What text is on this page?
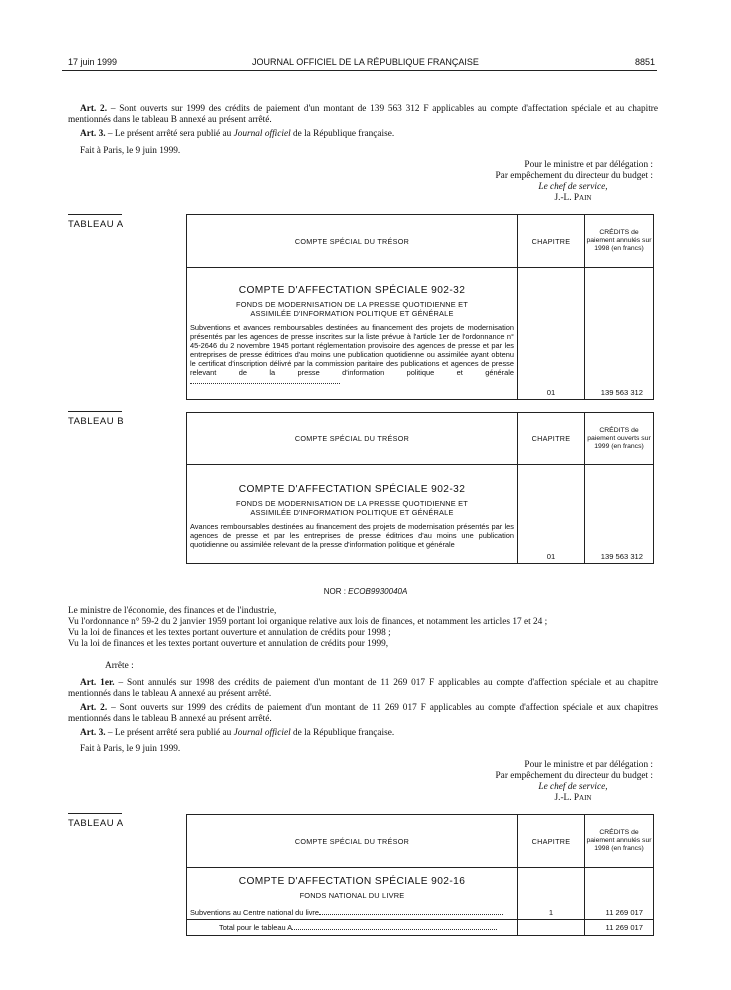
17 juin 1999	JOURNAL OFFICIEL DE LA RÉPUBLIQUE FRANÇAISE	8851
Art. 2. – Sont ouverts sur 1999 des crédits de paiement d'un montant de 139 563 312 F applicables au compte d'affectation spéciale et au chapitre mentionnés dans le tableau B annexé au présent arrêté.
Art. 3. – Le présent arrêté sera publié au Journal officiel de la République française.
Fait à Paris, le 9 juin 1999.
Pour le ministre et par délégation :
Par empêchement du directeur du budget :
Le chef de service,
J.-L. Pain
TABLEAU A
COMPTE SPÉCIAL DU TRÉSOR	CHAPITRE	CRÉDITS de paiement annulés sur 1998 (en francs)

COMPTE D'AFFECTATION SPÉCIALE 902-32
FONDS DE MODERNISATION DE LA PRESSE QUOTIDIENNE ET ASSIMILÉE D'INFORMATION POLITIQUE ET GÉNÉRALE
Subventions et avances remboursables destinées au financement des projets de modernisation présentés par les agences de presse inscrites sur la liste prévue à l'article 1er de l'ordonnance n° 45-2646 du 2 novembre 1945 portant réglementation provisoire des agences de presse et par les entreprises de presse éditrices d'au moins une publication quotidienne ou assimilée ayant obtenu le certificat d'inscription délivré par la commission paritaire des publications et agences de presse relevant de la presse d'information politique et générale	01	139 563 312
TABLEAU B
COMPTE SPÉCIAL DU TRÉSOR	CHAPITRE	CRÉDITS de paiement ouverts sur 1999 (en francs)

COMPTE D'AFFECTATION SPÉCIALE 902-32
FONDS DE MODERNISATION DE LA PRESSE QUOTIDIENNE ET ASSIMILÉE D'INFORMATION POLITIQUE ET GÉNÉRALE
Avances remboursables destinées au financement des projets de modernisation présentés par les agences de presse et par les entreprises de presse éditrices d'au moins une publication quotidienne ou assimilée relevant de la presse d'information politique et générale	01	139 563 312
NOR : ECOB9930040A
Le ministre de l'économie, des finances et de l'industrie,
Vu l'ordonnance n° 59-2 du 2 janvier 1959 portant loi organique relative aux lois de finances, et notamment les articles 17 et 24 ;
Vu la loi de finances et les textes portant ouverture et annulation de crédits pour 1998 ;
Vu la loi de finances et les textes portant ouverture et annulation de crédits pour 1999,
Arrête :
Art. 1er. – Sont annulés sur 1998 des crédits de paiement d'un montant de 11 269 017 F applicables au compte d'affection spéciale et au chapitre mentionnés dans le tableau A annexé au présent arrêté.
Art. 2. – Sont ouverts sur 1999 des crédits de paiement d'un montant de 11 269 017 F applicables au compte d'affection spéciale et aux chapitres mentionnés dans le tableau B annexé au présent arrêté.
Art. 3. – Le présent arrêté sera publié au Journal officiel de la République française.
Fait à Paris, le 9 juin 1999.
Pour le ministre et par délégation :
Par empêchement du directeur du budget :
Le chef de service,
J.-L. Pain
TABLEAU A
COMPTE SPÉCIAL DU TRÉSOR	CHAPITRE	CRÉDITS de paiement annulés sur 1998 (en francs)

COMPTE D'AFFECTATION SPÉCIALE 902-16
FONDS NATIONAL DU LIVRE
Subventions au Centre national du livre	1	11 269 017
Total pour le tableau A		11 269 017
